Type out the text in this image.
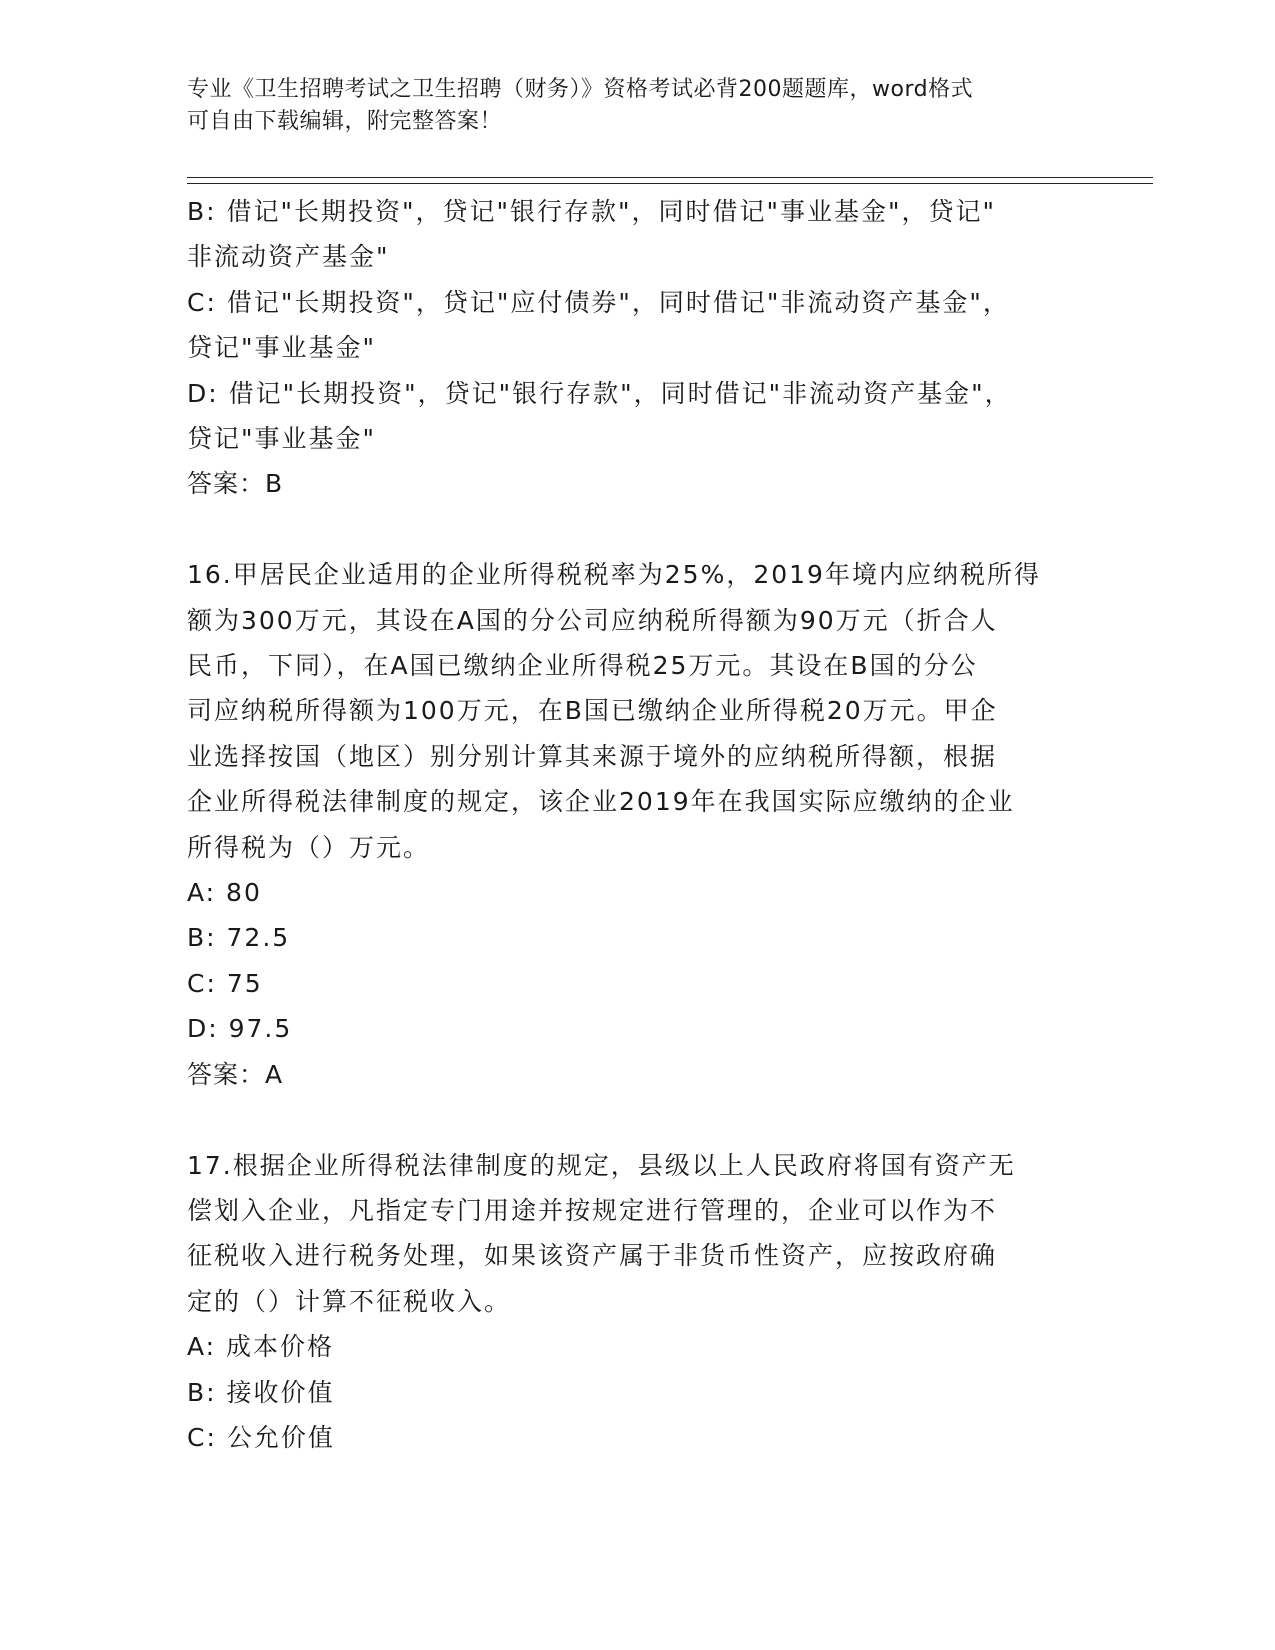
专业《卫生招聘考试之卫生招聘（财务）》资格考试必背200题题库，word格式
可自由下载编辑，附完整答案！

B: 借记"长期投资"，贷记"银行存款"，同时借记"事业基金"，贷记"

非流动资产基金"

C: 借记"长期投资"，贷记"应付债券"，同时借记"非流动资产基金"，

贷记"事业基金"

D: 借记"长期投资"，贷记"银行存款"，同时借记"非流动资产基金"，

贷记"事业基金"

答案：B

16.甲居民企业适用的企业所得税税率为25%，2019年境内应纳税所得

额为300万元，其设在A国的分公司应纳税所得额为90万元（折合人

民币，下同），在A国已缴纳企业所得税25万元。其设在B国的分公

司应纳税所得额为100万元，在B国已缴纳企业所得税20万元。甲企

业选择按国（地区）别分别计算其来源于境外的应纳税所得额，根据

企业所得税法律制度的规定，该企业2019年在我国实际应缴纳的企业

所得税为（）万元。

A: 80

B: 72.5

C: 75

D: 97.5

答案：A

17.根据企业所得税法律制度的规定，县级以上人民政府将国有资产无

偿划入企业，凡指定专门用途并按规定进行管理的，企业可以作为不

征税收入进行税务处理，如果该资产属于非货币性资产，应按政府确

定的（）计算不征税收入。

A: 成本价格

B: 接收价值

C: 公允价值
